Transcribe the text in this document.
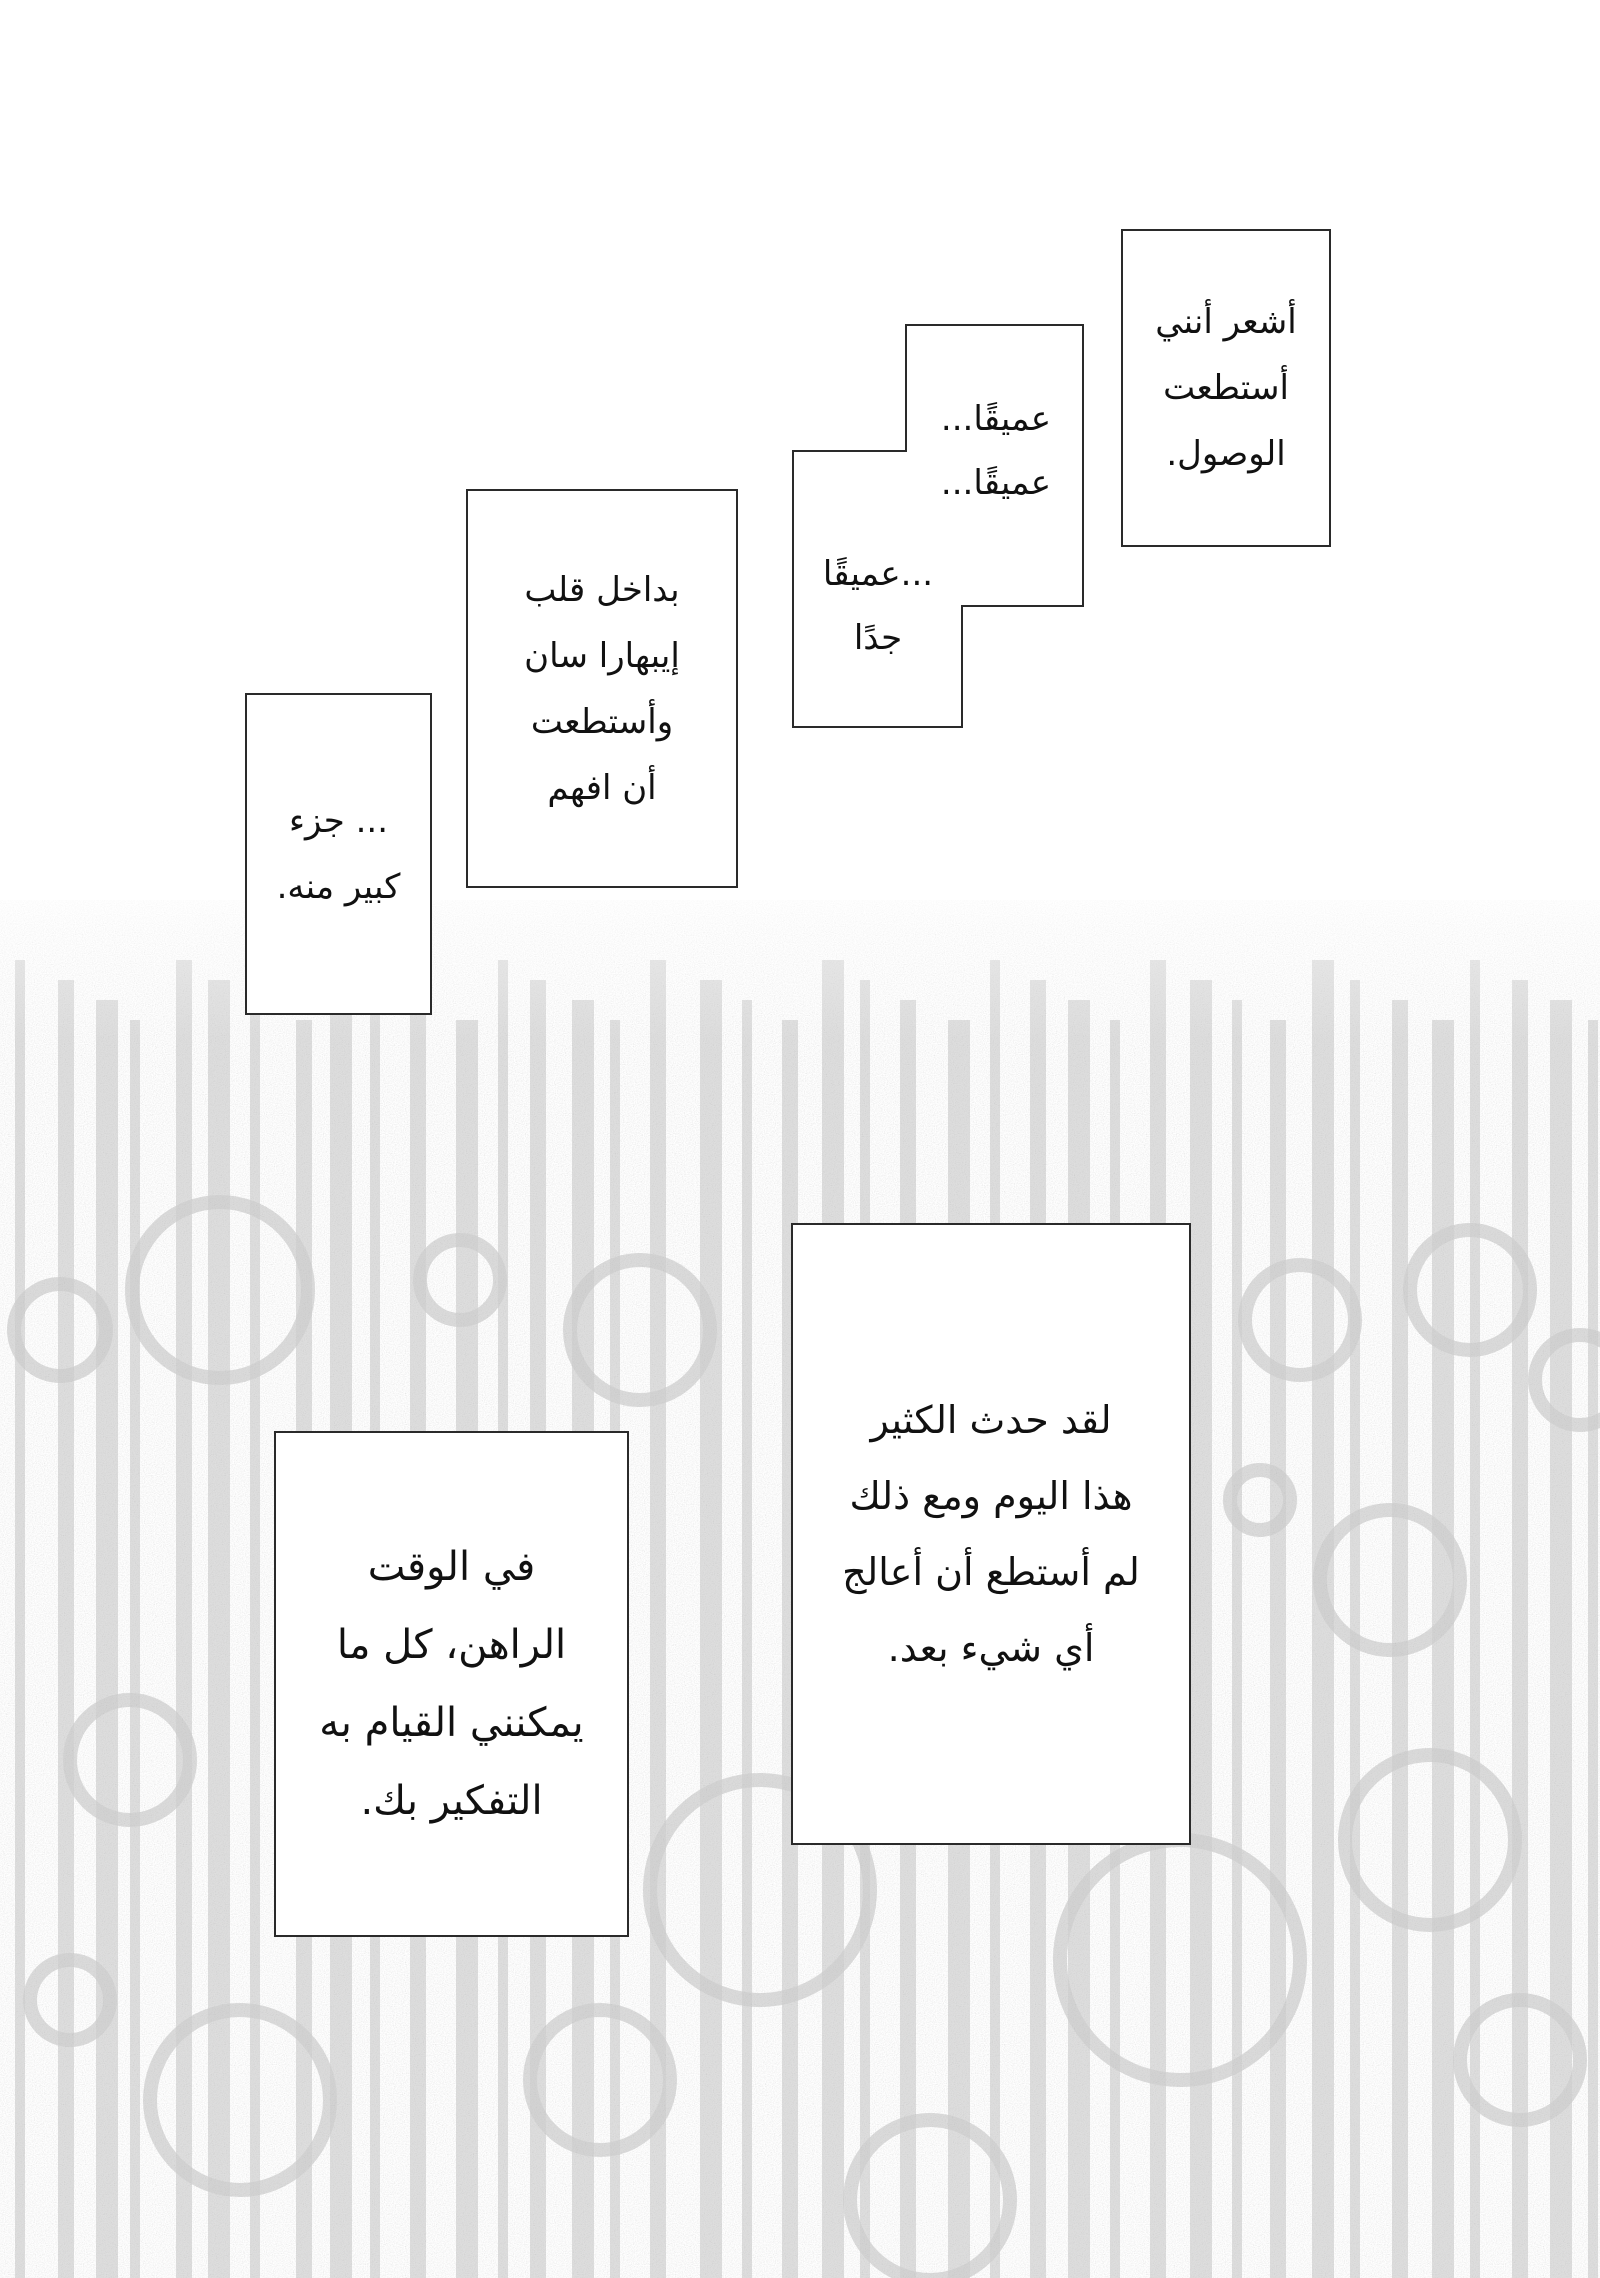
أشعر أنني
أستطعت
الوصول.
عميقًا...
عميقًا...
...عميقًا
جدًا
بداخل قلب
إيبهارا سان
وأستطعت
أن افهم
... جزء
كبير منه.
لقد حدث الكثير
هذا اليوم ومع ذلك
لم أستطع أن أعالج
أي شيء بعد.
في الوقت
الراهن، كل ما
يمكنني القيام به
التفكير بك.
